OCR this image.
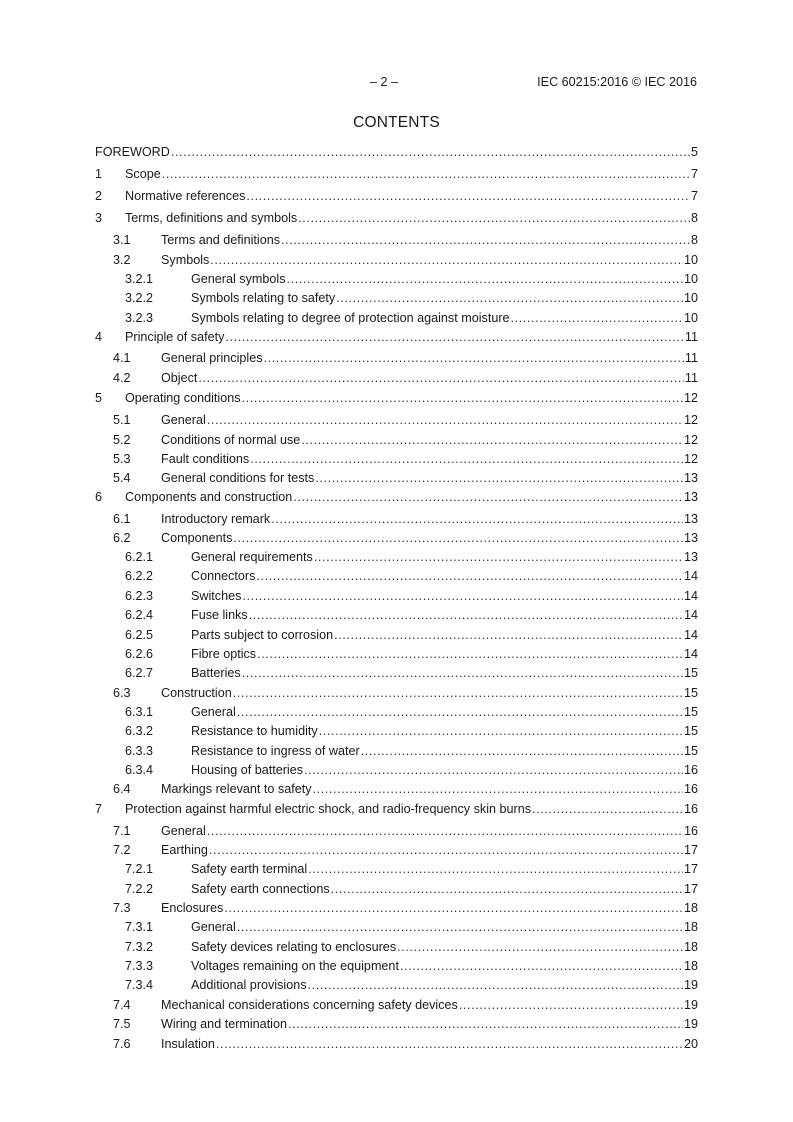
– 2 –	IEC 60215:2016 © IEC 2016
CONTENTS
FOREWORD .....	5
1	Scope .....	7
2	Normative references .....	7
3	Terms, definitions and symbols .....	8
3.1	Terms and definitions .....	8
3.2	Symbols .....	10
3.2.1	General symbols .....	10
3.2.2	Symbols relating to safety .....	10
3.2.3	Symbols relating to degree of protection against moisture .....	10
4	Principle of safety .....	11
4.1	General principles .....	11
4.2	Object .....	11
5	Operating conditions .....	12
5.1	General .....	12
5.2	Conditions of normal use .....	12
5.3	Fault conditions .....	12
5.4	General conditions for tests .....	13
6	Components and construction .....	13
6.1	Introductory remark .....	13
6.2	Components .....	13
6.2.1	General requirements .....	13
6.2.2	Connectors .....	14
6.2.3	Switches .....	14
6.2.4	Fuse links .....	14
6.2.5	Parts subject to corrosion .....	14
6.2.6	Fibre optics .....	14
6.2.7	Batteries .....	15
6.3	Construction .....	15
6.3.1	General .....	15
6.3.2	Resistance to humidity .....	15
6.3.3	Resistance to ingress of water .....	15
6.3.4	Housing of batteries .....	16
6.4	Markings relevant to safety .....	16
7	Protection against harmful electric shock, and radio-frequency skin burns .....	16
7.1	General .....	16
7.2	Earthing .....	17
7.2.1	Safety earth terminal .....	17
7.2.2	Safety earth connections .....	17
7.3	Enclosures .....	18
7.3.1	General .....	18
7.3.2	Safety devices relating to enclosures .....	18
7.3.3	Voltages remaining on the equipment .....	18
7.3.4	Additional provisions .....	19
7.4	Mechanical considerations concerning safety devices .....	19
7.5	Wiring and termination .....	19
7.6	Insulation .....	20
